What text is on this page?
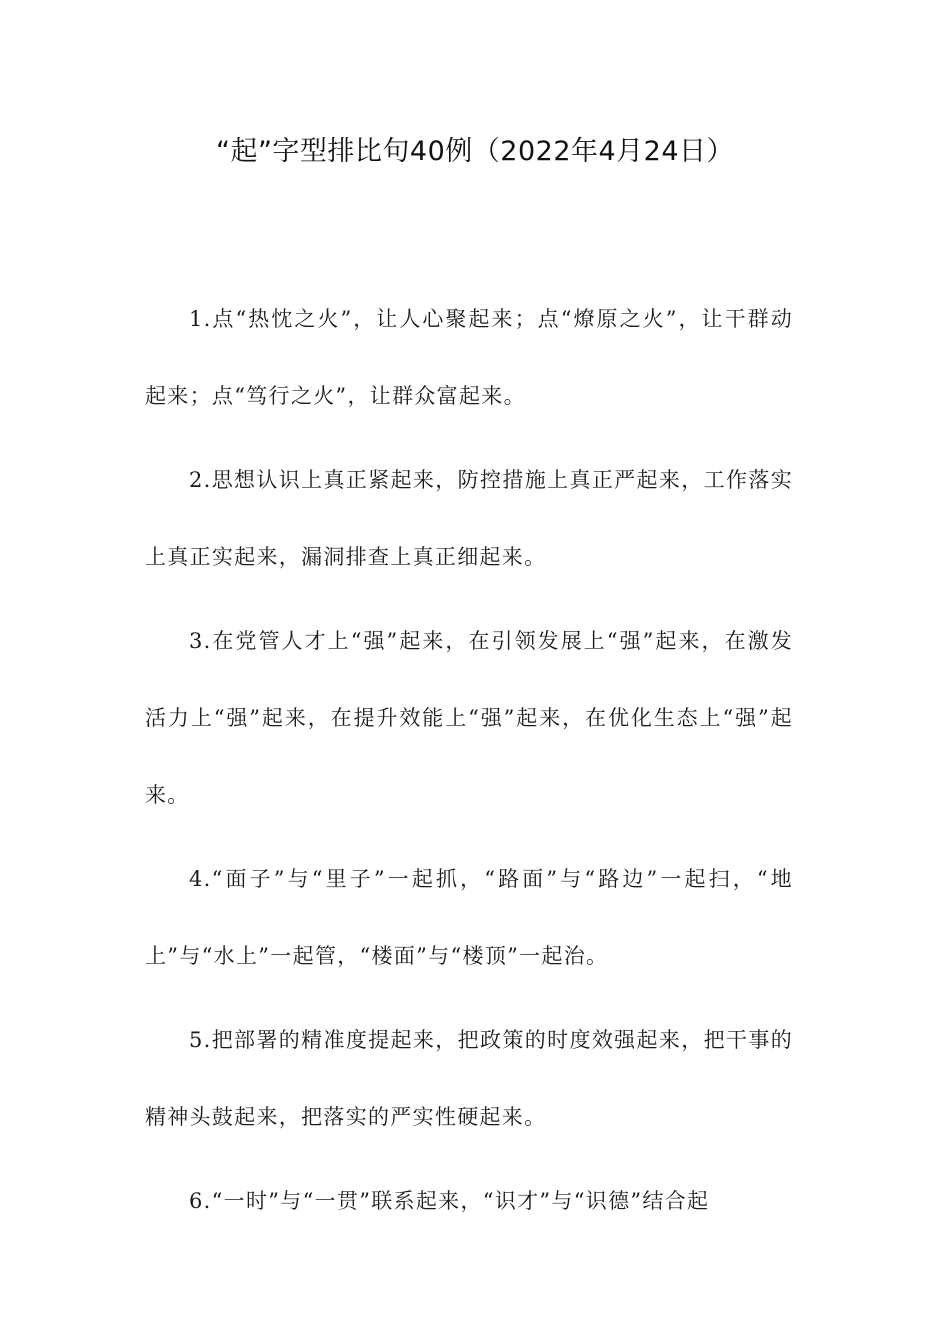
“起”字型排比句40例（2022年4月24日）

1.点“热忱之火”，让人心聚起来；点“燎原之火”，让干群动起来；点“笃行之火”，让群众富起来。

2.思想认识上真正紧起来，防控措施上真正严起来，工作落实上真正实起来，漏洞排查上真正细起来。

3.在党管人才上“强”起来，在引领发展上“强”起来，在激发活力上“强”起来，在提升效能上“强”起来，在优化生态上“强”起来。

4.“面子”与“里子”一起抓，“路面”与“路边”一起扫，“地上”与“水上”一起管，“楼面”与“楼顶”一起治。

5.把部署的精准度提起来，把政策的时度效强起来，把干事的精神头鼓起来，把落实的严实性硬起来。

6.“一时”与“一贯”联系起来，“识才”与“识德”结合起
